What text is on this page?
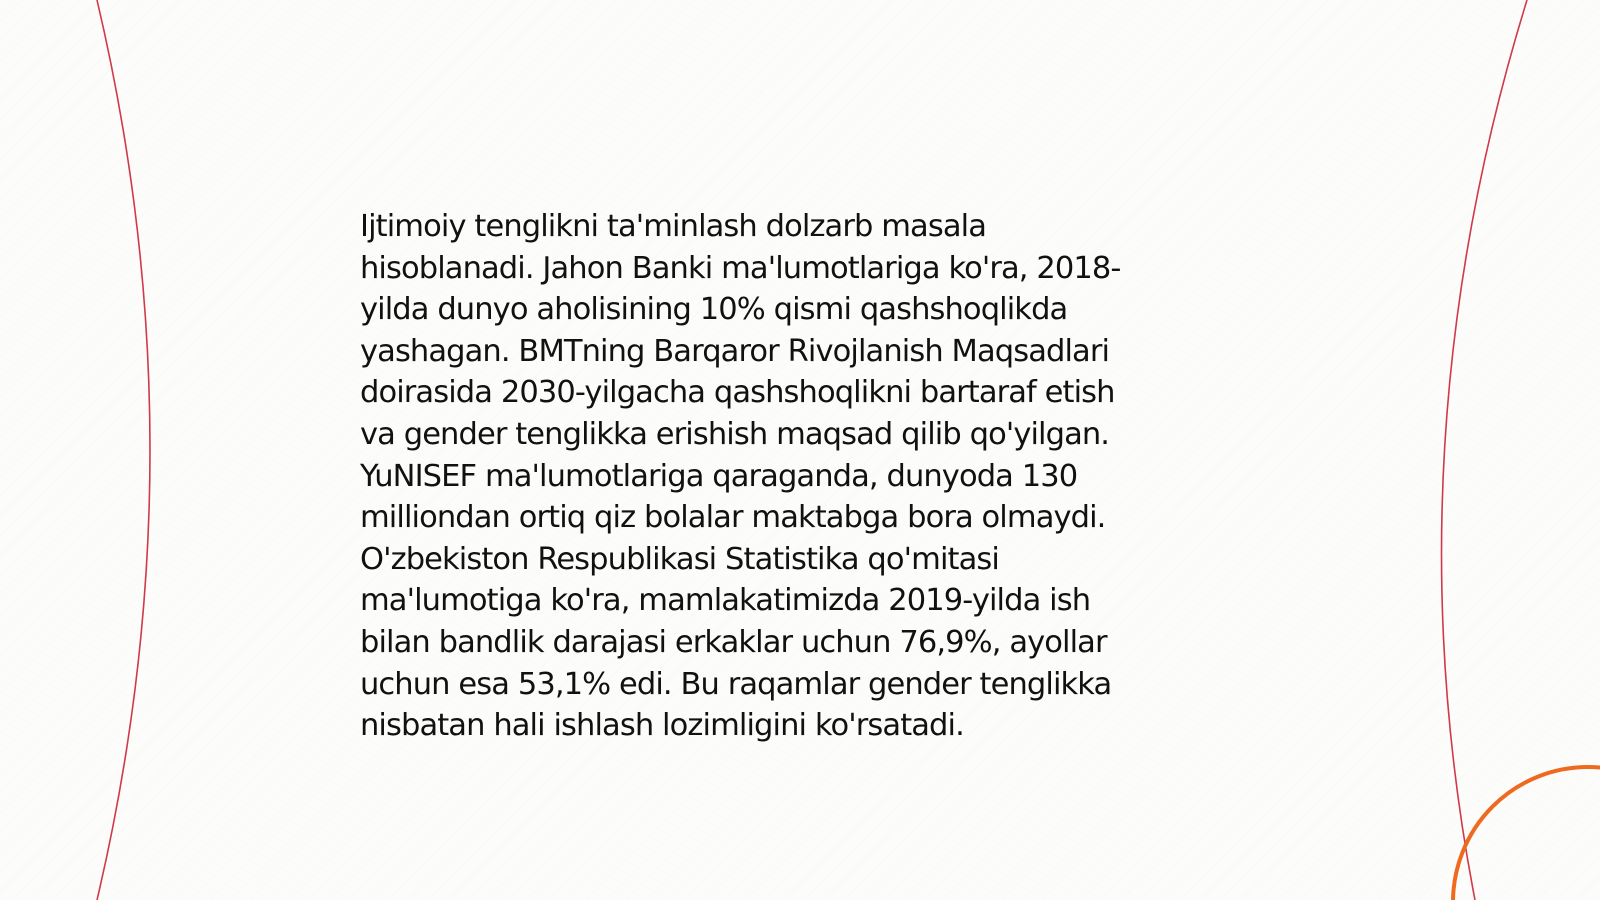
Ijtimoiy tenglikni ta'minlash dolzarb masala
hisoblanadi. Jahon Banki ma'lumotlariga ko'ra, 2018-
yilda dunyo aholisining 10% qismi qashshoqlikda
yashagan. BMTning Barqaror Rivojlanish Maqsadlari
doirasida 2030-yilgacha qashshoqlikni bartaraf etish
va gender tenglikka erishish maqsad qilib qo'yilgan.
YuNISEF ma'lumotlariga qaraganda, dunyoda 130
milliondan ortiq qiz bolalar maktabga bora olmaydi.
O'zbekiston Respublikasi Statistika qo'mitasi
ma'lumotiga ko'ra, mamlakatimizda 2019-yilda ish
bilan bandlik darajasi erkaklar uchun 76,9%, ayollar
uchun esa 53,1% edi. Bu raqamlar gender tenglikka
nisbatan hali ishlash lozimligini ko'rsatadi.
